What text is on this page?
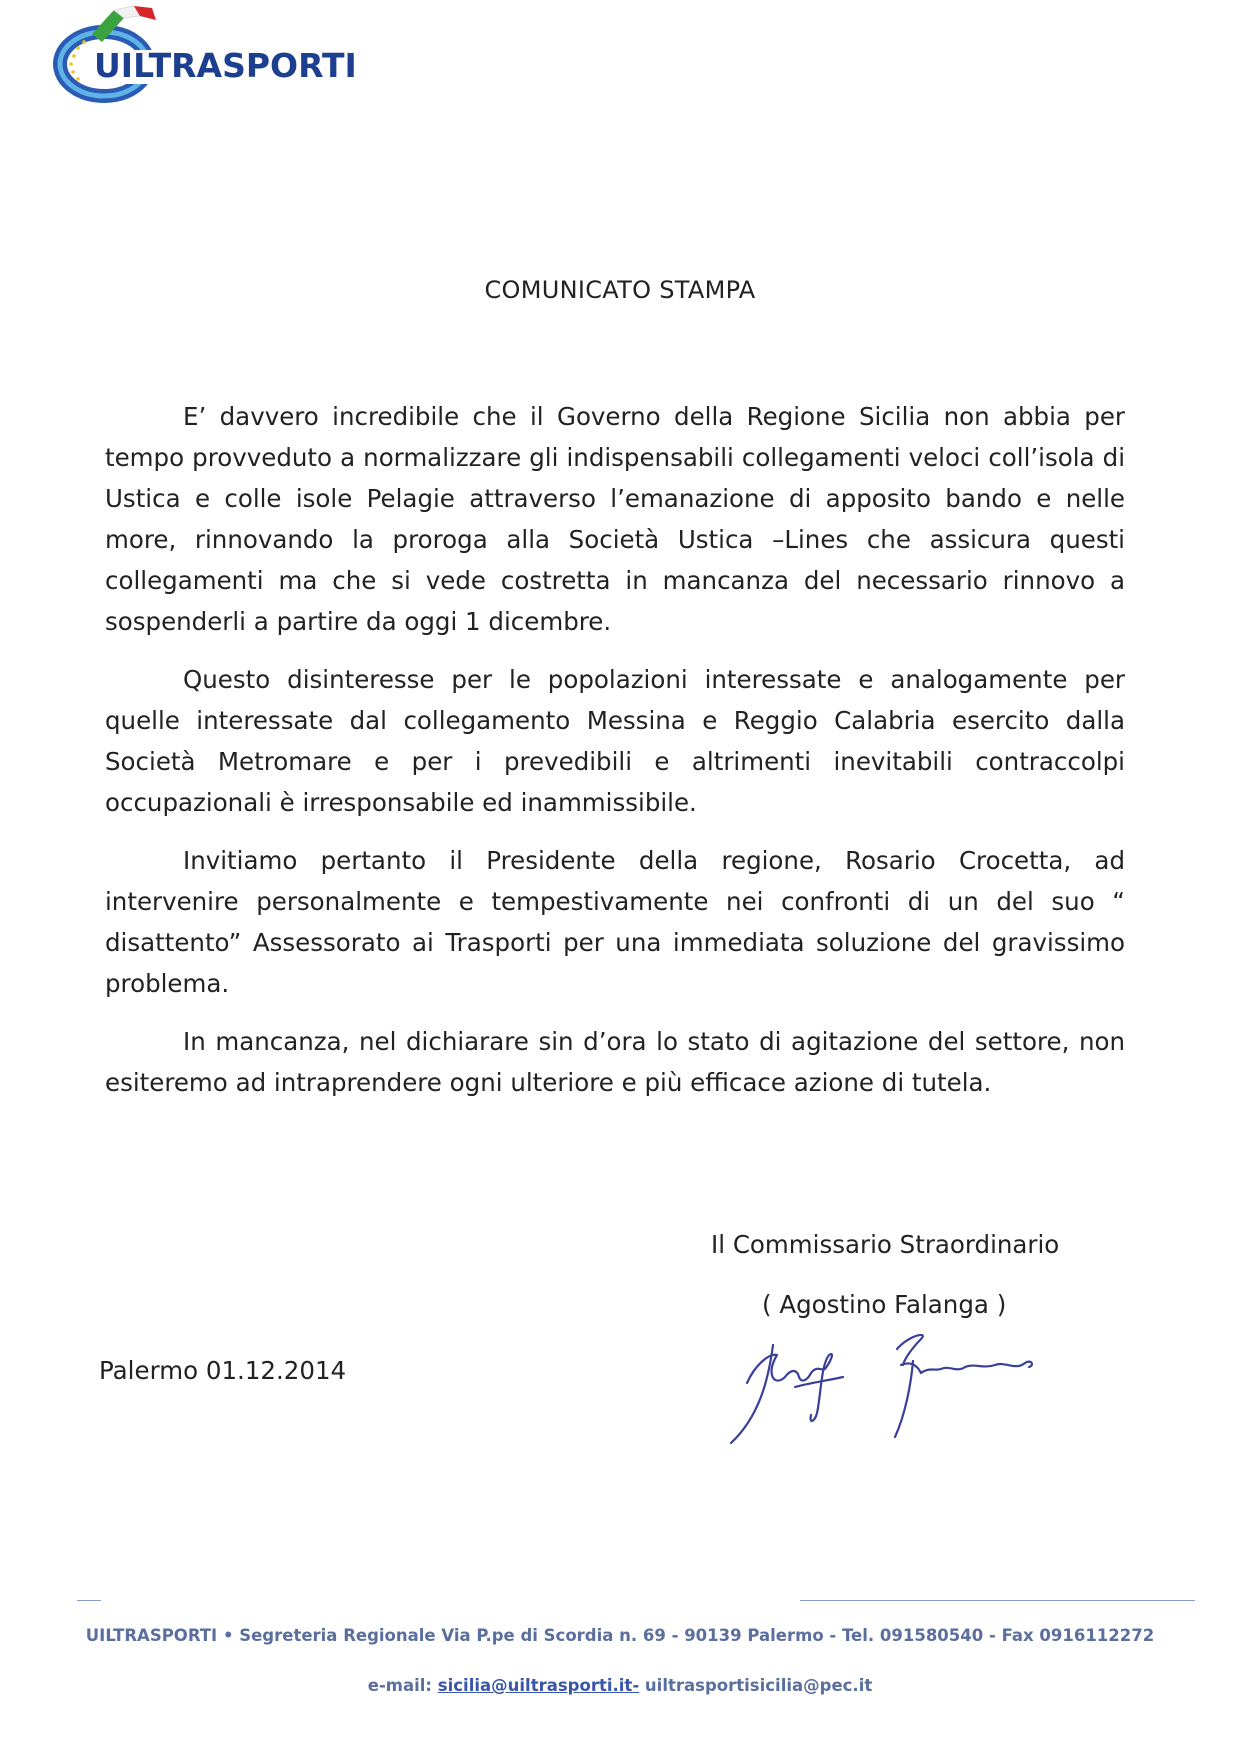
UILTRASPORTI
COMUNICATO STAMPA

E’ davvero incredibile che il Governo della Regione Sicilia non abbia per tempo provveduto a normalizzare gli indispensabili collegamenti veloci coll’isola di Ustica e colle isole Pelagie attraverso l’emanazione di apposito bando e nelle more, rinnovando la proroga alla Società Ustica –Lines che assicura questi collegamenti ma che si vede costretta in mancanza del necessario rinnovo a sospenderli a partire da oggi 1 dicembre.

Questo disinteresse per le popolazioni interessate e analogamente per quelle interessate dal collegamento Messina e Reggio Calabria esercito dalla Società Metromare e per i prevedibili e altrimenti inevitabili contraccolpi occupazionali è irresponsabile ed inammissibile.

Invitiamo pertanto il Presidente della regione, Rosario Crocetta, ad intervenire personalmente e tempestivamente nei confronti di un del suo “ disattento” Assessorato ai Trasporti per una immediata soluzione del gravissimo problema.

In mancanza, nel dichiarare sin d’ora lo stato di agitazione del settore, non esiteremo ad intraprendere ogni ulteriore e più efficace azione di tutela.

Il Commissario Straordinario
( Agostino Falanga )
Palermo 01.12.2014
UILTRASPORTI • Segreteria Regionale Via P.pe di Scordia n. 69 - 90139 Palermo - Tel. 091580540 - Fax 0916112272
e-mail: sicilia@uiltrasporti.it- uiltrasportisicilia@pec.it
